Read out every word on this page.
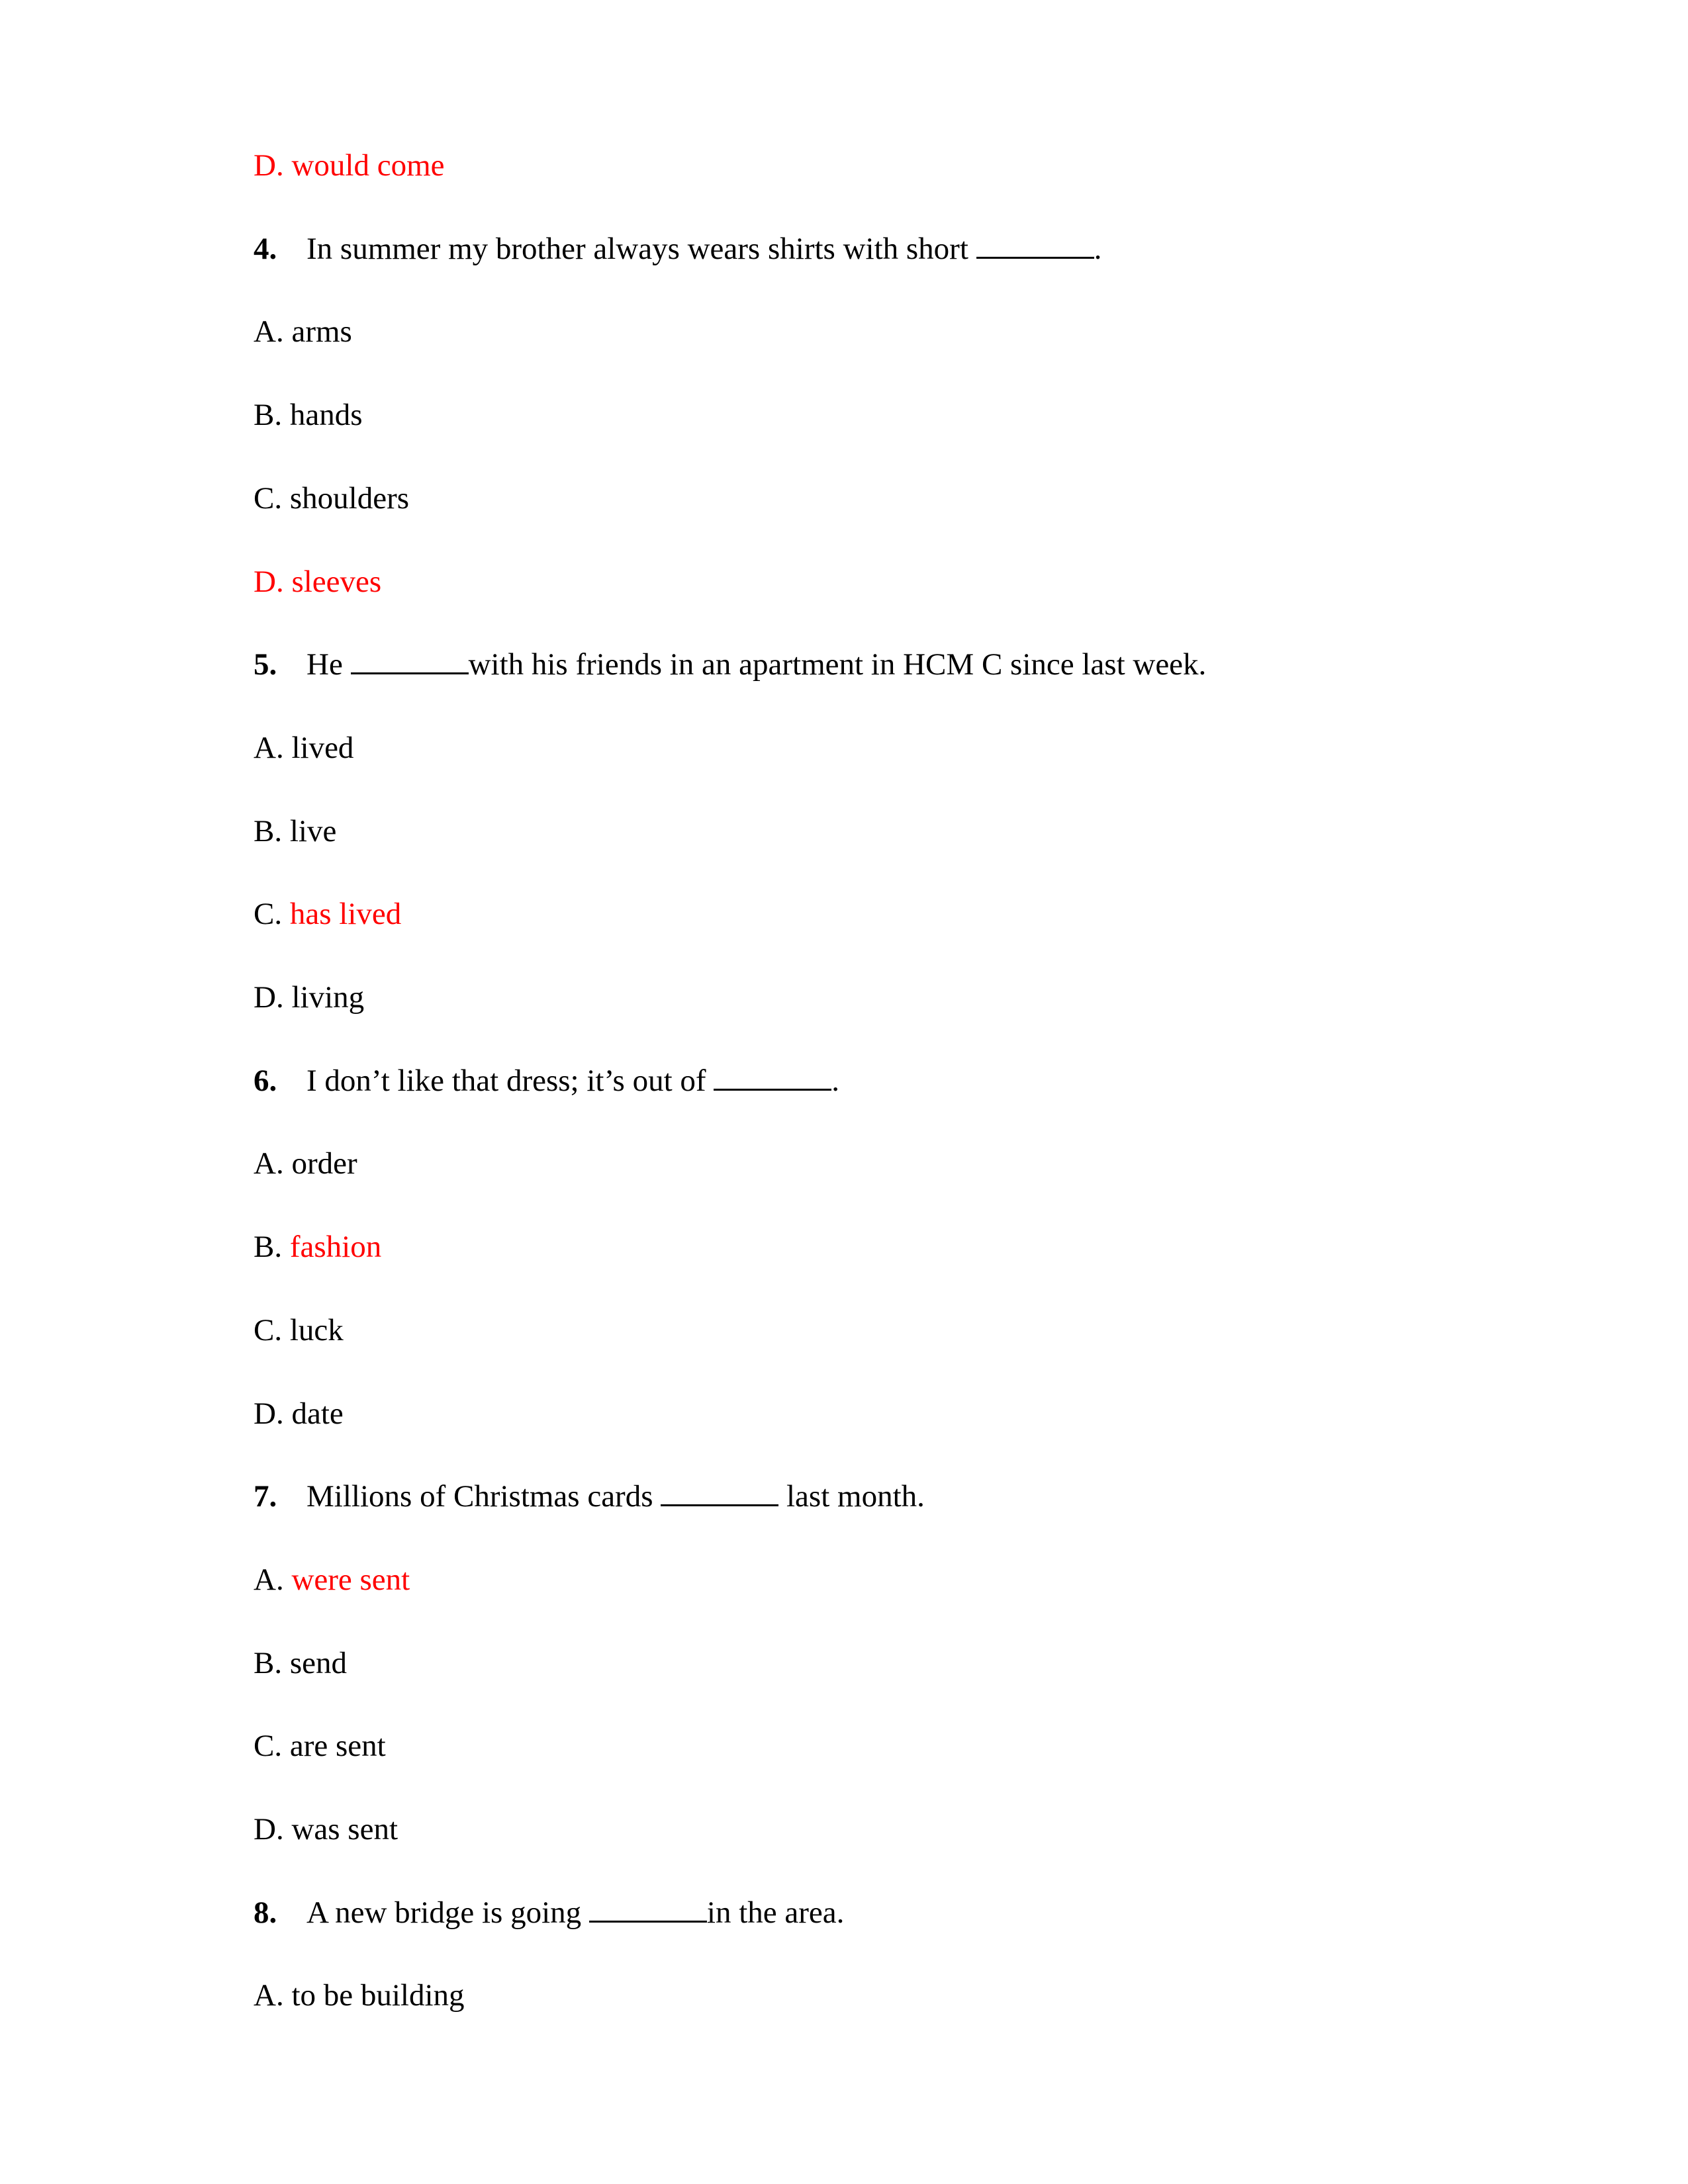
D. would come
4. In summer my brother always wears shirts with short	.
A. arms
B. hands
C. shoulders
D. sleeves
5. He	with his friends in an apartment in HCM C since last week.
A. lived
B. live
C. has lived
D. living
6. I don’t like that dress; it’s out of	.
A. order
B. fashion
C. luck
D. date
7. Millions of Christmas cards	last month.
A. were sent
B. send
C. are sent
D. was sent
8. A new bridge is going	in the area.
A. to be building
